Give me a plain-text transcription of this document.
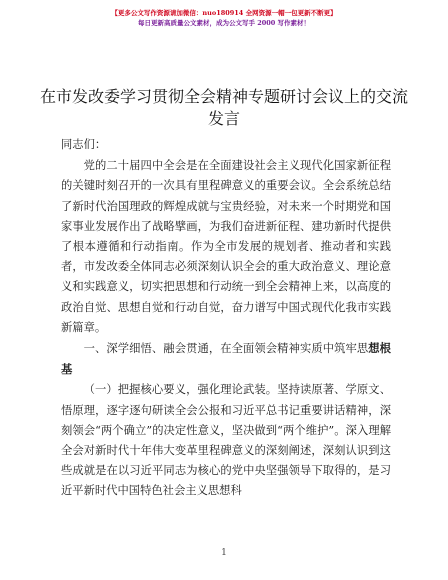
【更多公文写作资源请加微信：nuo180914 全网资源一帽一包更新不断更】
每日更新高质量公文素材，成为公文写手 2000 写作素材！
在市发改委学习贯彻全会精神专题研讨会议上的交流发言

同志们：

党的二十届四中全会是在全面建设社会主义现代化国家新征程的关键时刻召开的一次具有里程碑意义的重要会议。全会系统总结了新时代治国理政的辉煌成就与宝贵经验，对未来一个时期党和国家事业发展作出了战略擘画，为我们奋进新征程、建功新时代提供了根本遵循和行动指南。作为全市发展的规划者、推动者和实践者，市发改委全体同志必须深刻认识全会的重大政治意义、理论意义和实践意义，切实把思想和行动统一到全会精神上来，以高度的政治自觉、思想自觉和行动自觉，奋力谱写中国式现代化我市实践新篇章。

一、深学细悟、融会贯通，在全面领会精神实质中筑牢思想根基

（一）把握核心要义，强化理论武装。坚持读原著、学原文、悟原理，逐字逐句研读全会公报和习近平总书记重要讲话精神，深刻领会“两个确立”的决定性意义，坚决做到“两个维护”。深入理解全会对新时代十年伟大变革里程碑意义的深刻阐述，深刻认识到这些成就是在以习近平同志为核心的党中央坚强领导下取得的，是习近平新时代中国特色社会主义思想科

1
